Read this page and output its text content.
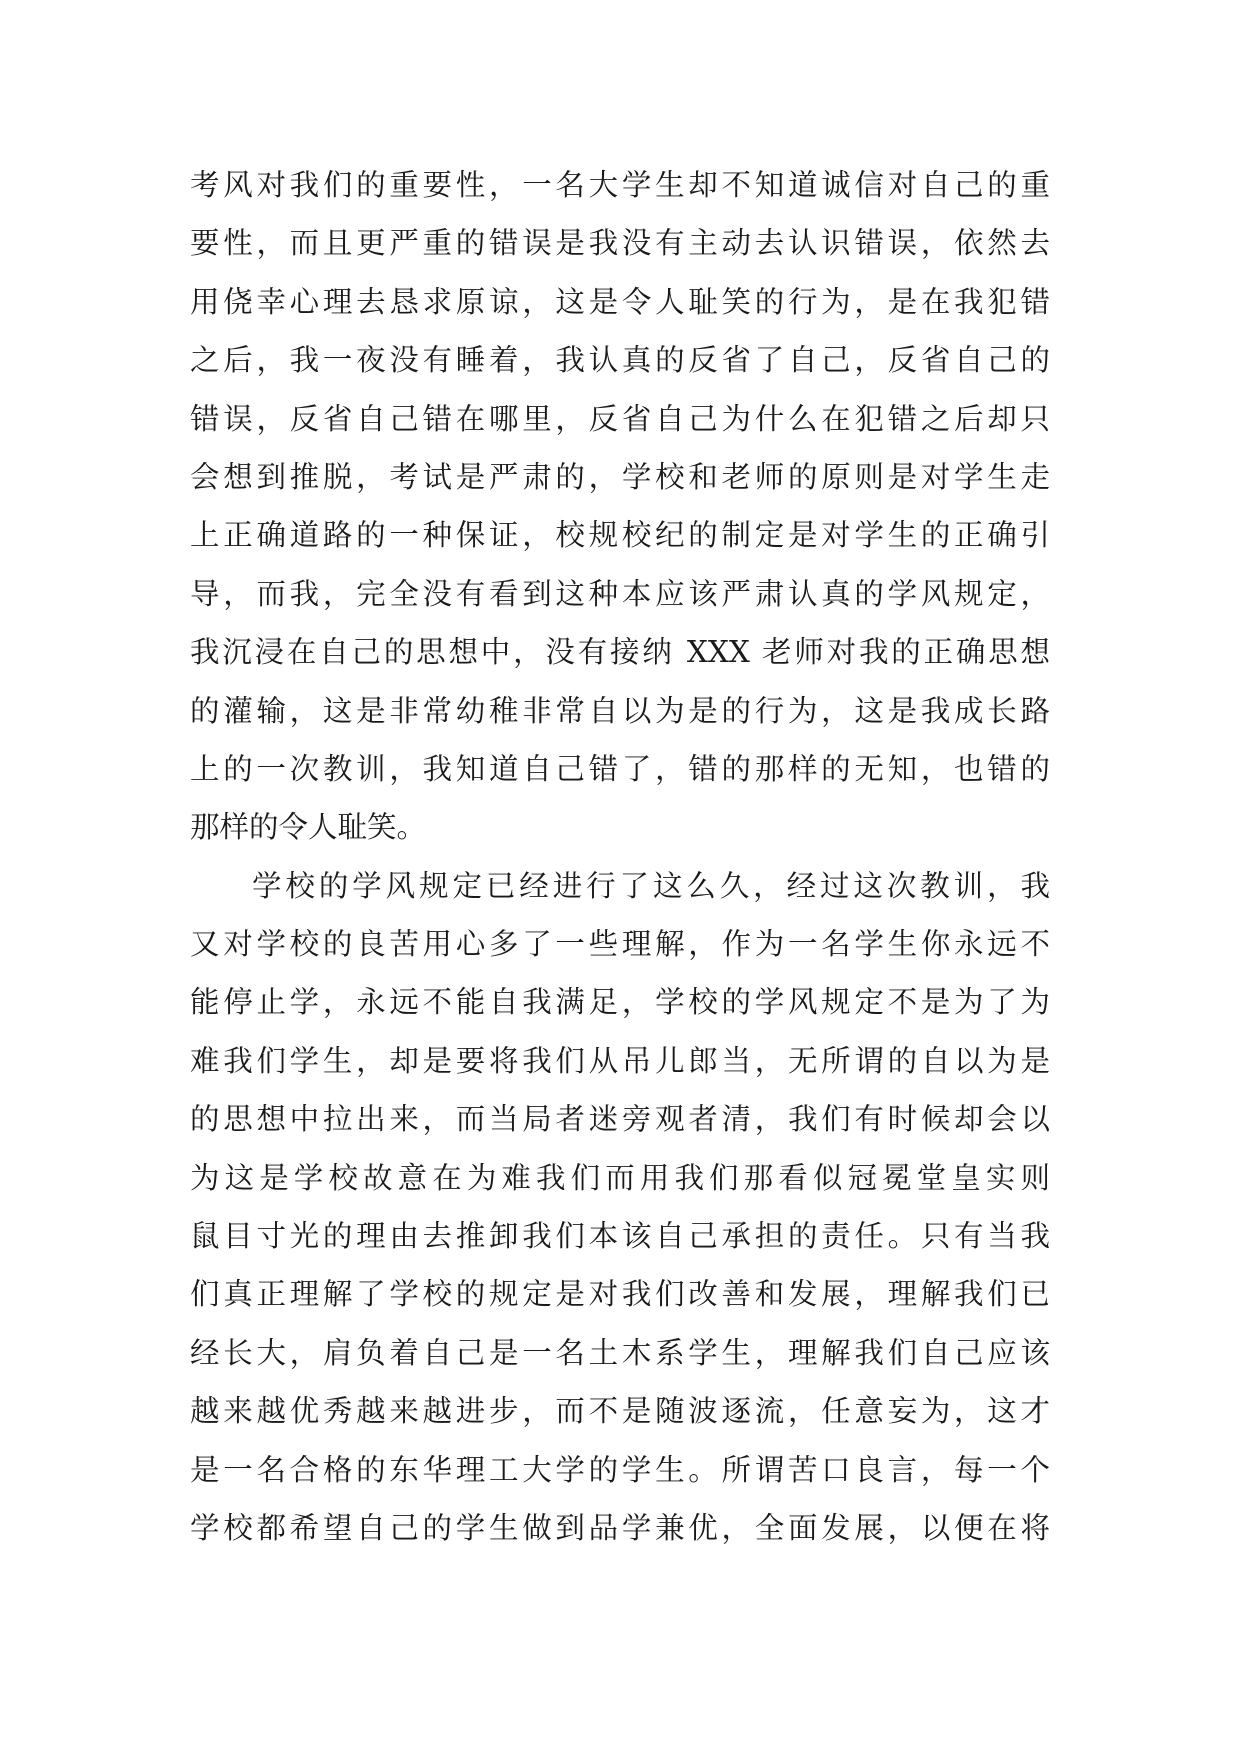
考风对我们的重要性，一名大学生却不知道诚信对自己的重
要性，而且更严重的错误是我没有主动去认识错误，依然去
用侥幸心理去恳求原谅，这是令人耻笑的行为，是在我犯错
之后，我一夜没有睡着，我认真的反省了自己，反省自己的
错误，反省自己错在哪里，反省自己为什么在犯错之后却只
会想到推脱，考试是严肃的，学校和老师的原则是对学生走
上正确道路的一种保证，校规校纪的制定是对学生的正确引
导，而我，完全没有看到这种本应该严肃认真的学风规定，
我沉浸在自己的思想中，没有接纳 XXX 老师对我的正确思想
的灌输，这是非常幼稚非常自以为是的行为，这是我成长路
上的一次教训，我知道自己错了，错的那样的无知，也错的
那样的令人耻笑。
学校的学风规定已经进行了这么久，经过这次教训，我
又对学校的良苦用心多了一些理解，作为一名学生你永远不
能停止学，永远不能自我满足，学校的学风规定不是为了为
难我们学生，却是要将我们从吊儿郎当，无所谓的自以为是
的思想中拉出来，而当局者迷旁观者清，我们有时候却会以
为这是学校故意在为难我们而用我们那看似冠冕堂皇实则
鼠目寸光的理由去推卸我们本该自己承担的责任。只有当我
们真正理解了学校的规定是对我们改善和发展，理解我们已
经长大，肩负着自己是一名土木系学生，理解我们自己应该
越来越优秀越来越进步，而不是随波逐流，任意妄为，这才
是一名合格的东华理工大学的学生。所谓苦口良言，每一个
学校都希望自己的学生做到品学兼优，全面发展，以便在将
